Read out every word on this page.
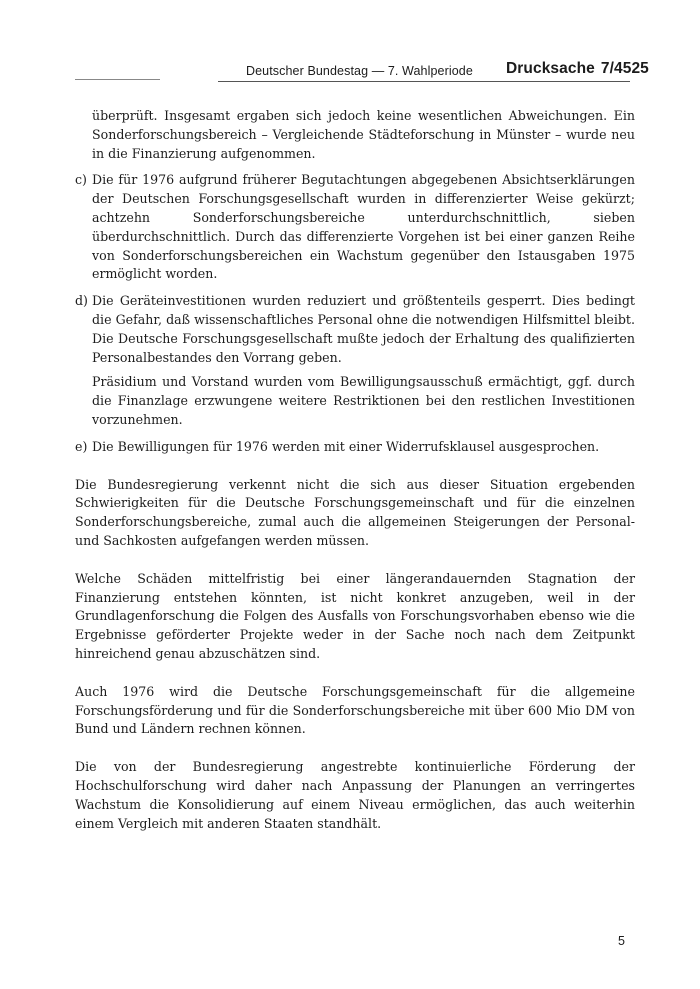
Deutscher Bundestag — 7. Wahlperiode Drucksache 7/4525

überprüft. Insgesamt ergaben sich jedoch keine wesentlichen Abweichungen. Ein Sonderforschungsbereich – Vergleichende Städteforschung in Münster – wurde neu in die Finanzierung aufgenommen.

c) Die für 1976 aufgrund früherer Begutachtungen abgegebenen Absichtserklärungen der Deutschen Forschungsgesellschaft wurden in differenzierter Weise gekürzt; achtzehn Sonderforschungsbereiche unterdurchschnittlich, sieben überdurchschnittlich. Durch das differenzierte Vorgehen ist bei einer ganzen Reihe von Sonderforschungsbereichen ein Wachstum gegenüber den Istausgaben 1975 ermöglicht worden.

d) Die Geräteinvestitionen wurden reduziert und größtenteils gesperrt. Dies bedingt die Gefahr, daß wissenschaftliches Personal ohne die notwendigen Hilfsmittel bleibt. Die Deutsche Forschungsgesellschaft mußte jedoch der Erhaltung des qualifizierten Personalbestandes den Vorrang geben.

Präsidium und Vorstand wurden vom Bewilligungsausschuß ermächtigt, ggf. durch die Finanzlage erzwungene weitere Restriktionen bei den restlichen Investitionen vorzunehmen.

e) Die Bewilligungen für 1976 werden mit einer Widerrufsklausel ausgesprochen.

Die Bundesregierung verkennt nicht die sich aus dieser Situation ergebenden Schwierigkeiten für die Deutsche Forschungsgemeinschaft und für die einzelnen Sonderforschungsbereiche, zumal auch die allgemeinen Steigerungen der Personal- und Sachkosten aufgefangen werden müssen.

Welche Schäden mittelfristig bei einer längerandauernden Stagnation der Finanzierung entstehen könnten, ist nicht konkret anzugeben, weil in der Grundlagenforschung die Folgen des Ausfalls von Forschungsvorhaben ebenso wie die Ergebnisse geförderter Projekte weder in der Sache noch nach dem Zeitpunkt hinreichend genau abzuschätzen sind.

Auch 1976 wird die Deutsche Forschungsgemeinschaft für die allgemeine Forschungsförderung und für die Sonderforschungsbereiche mit über 600 Mio DM von Bund und Ländern rechnen können.

Die von der Bundesregierung angestrebte kontinuierliche Förderung der Hochschulforschung wird daher nach Anpassung der Planungen an verringertes Wachstum die Konsolidierung auf einem Niveau ermöglichen, das auch weiterhin einem Vergleich mit anderen Staaten standhält.

5
